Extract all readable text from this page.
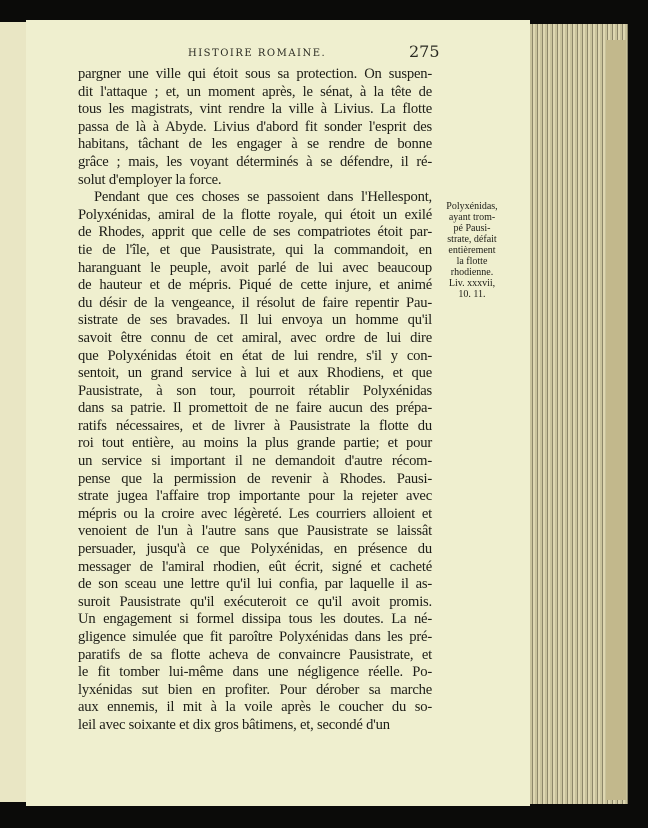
HISTOIRE ROMAINE.	275
pargner une ville qui étoit sous sa protection. On suspen-
dit l'attaque ; et, un moment après, le sénat, à la tête de
tous les magistrats, vint rendre la ville à Livius. La flotte
passa de là à Abyde. Livius d'abord fit sonder l'esprit des
habitans, tâchant de les engager à se rendre de bonne
grâce ; mais, les voyant déterminés à se défendre, il ré-
solut d'employer la force.
Pendant que ces choses se passoient dans l'Hellespont,
Polyxénidas, amiral de la flotte royale, qui étoit un exilé
de Rhodes, apprit que celle de ses compatriotes étoit par-
tie de l'île, et que Pausistrate, qui la commandoit, en
haranguant le peuple, avoit parlé de lui avec beaucoup
de hauteur et de mépris. Piqué de cette injure, et animé
du désir de la vengeance, il résolut de faire repentir Pau-
sistrate de ses bravades. Il lui envoya un homme qu'il
savoit être connu de cet amiral, avec ordre de lui dire
que Polyxénidas étoit en état de lui rendre, s'il y con-
sentoit, un grand service à lui et aux Rhodiens, et que
Pausistrate, à son tour, pourroit rétablir Polyxénidas
dans sa patrie. Il promettoit de ne faire aucun des prépa-
ratifs nécessaires, et de livrer à Pausistrate la flotte du
roi tout entière, au moins la plus grande partie; et pour
un service si important il ne demandoit d'autre récom-
pense que la permission de revenir à Rhodes. Pausi-
strate jugea l'affaire trop importante pour la rejeter avec
mépris ou la croire avec légèreté. Les courriers alloient et
venoient de l'un à l'autre sans que Pausistrate se laissât
persuader, jusqu'à ce que Polyxénidas, en présence du
messager de l'amiral rhodien, eût écrit, signé et cacheté
de son sceau une lettre qu'il lui confia, par laquelle il as-
suroit Pausistrate qu'il exécuteroit ce qu'il avoit promis.
Un engagement si formel dissipa tous les doutes. La né-
gligence simulée que fit paroître Polyxénidas dans les pré-
paratifs de sa flotte acheva de convaincre Pausistrate, et
le fit tomber lui-même dans une négligence réelle. Po-
lyxénidas sut bien en profiter. Pour dérober sa marche
aux ennemis, il mit à la voile après le coucher du so-
leil avec soixante et dix gros bâtimens, et, secondé d'un
Polyxénidas,
ayant trom-
pé Pausi-
strate, défait
entièrement
la flotte
rhodienne.
Liv. xxxvii,
10. 11.
